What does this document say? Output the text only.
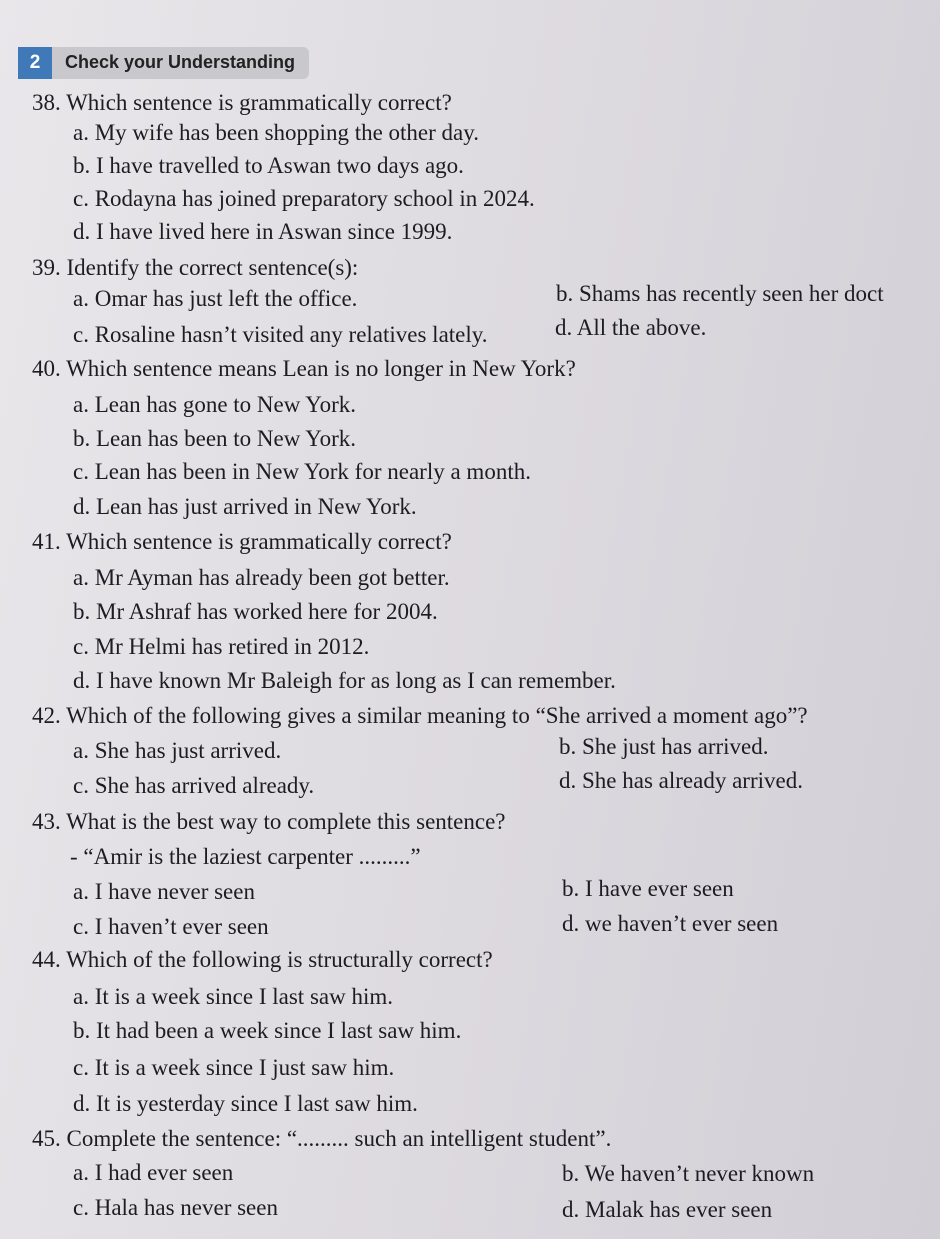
2	Check your Understanding
38. Which sentence is grammatically correct?
a. My wife has been shopping the other day.
b. I have travelled to Aswan two days ago.
c. Rodayna has joined preparatory school in 2024.
d. I have lived here in Aswan since 1999.
39. Identify the correct sentence(s):
a. Omar has just left the office.	b. Shams has recently seen her doct
c. Rosaline hasn’t visited any relatives lately.	d. All the above.
40. Which sentence means Lean is no longer in New York?
a. Lean has gone to New York.
b. Lean has been to New York.
c. Lean has been in New York for nearly a month.
d. Lean has just arrived in New York.
41. Which sentence is grammatically correct?
a. Mr Ayman has already been got better.
b. Mr Ashraf has worked here for 2004.
c. Mr Helmi has retired in 2012.
d. I have known Mr Baleigh for as long as I can remember.
42. Which of the following gives a similar meaning to “She arrived a moment ago”?
a. She has just arrived.	b. She just has arrived.
c. She has arrived already.	d. She has already arrived.
43. What is the best way to complete this sentence?
- “Amir is the laziest carpenter .........”
a. I have never seen	b. I have ever seen
c. I haven’t ever seen	d. we haven’t ever seen
44. Which of the following is structurally correct?
a. It is a week since I last saw him.
b. It had been a week since I last saw him.
c. It is a week since I just saw him.
d. It is yesterday since I last saw him.
45. Complete the sentence: “......... such an intelligent student”.
a. I had ever seen	b. We haven’t never known
c. Hala has never seen	d. Malak has ever seen
